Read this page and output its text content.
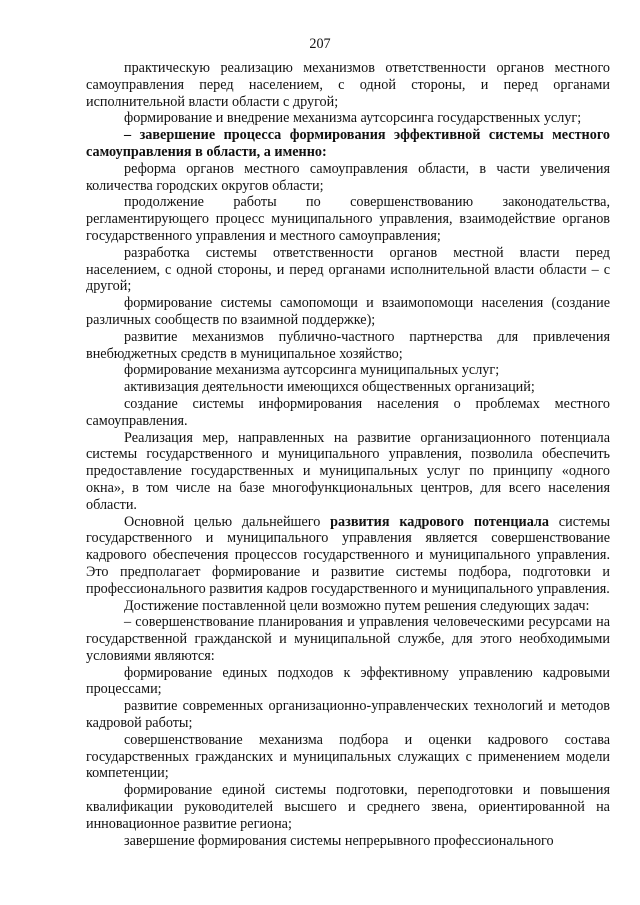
207

практическую реализацию механизмов ответственности органов местного самоуправления перед населением, с одной стороны, и перед органами исполнительной власти области с другой;

формирование и внедрение механизма аутсорсинга государственных услуг;

– завершение процесса формирования эффективной системы местного самоуправления в области, а именно:

реформа органов местного самоуправления области, в части увеличения количества городских округов области;

продолжение работы по совершенствованию законодательства, регламентирующего процесс муниципального управления, взаимодействие органов государственного управления и местного самоуправления;

разработка системы ответственности органов местной власти перед населением, с одной стороны, и перед органами исполнительной власти области – с другой;

формирование системы самопомощи и взаимопомощи населения (создание различных сообществ по взаимной поддержке);

развитие механизмов публично-частного партнерства для привлечения внебюджетных средств в муниципальное хозяйство;

формирование механизма аутсорсинга муниципальных услуг;

активизация деятельности имеющихся общественных организаций;

создание системы информирования населения о проблемах местного самоуправления.

Реализация мер, направленных на развитие организационного потенциала системы государственного и муниципального управления, позволила обеспечить предоставление государственных и муниципальных услуг по принципу «одного окна», в том числе на базе многофункциональных центров, для всего населения области.

Основной целью дальнейшего развития кадрового потенциала системы государственного и муниципального управления является совершенствование кадрового обеспечения процессов государственного и муниципального управления. Это предполагает формирование и развитие системы подбора, подготовки и профессионального развития кадров государственного и муниципального управления.

Достижение поставленной цели возможно путем решения следующих задач:

– совершенствование планирования и управления человеческими ресурсами на государственной гражданской и муниципальной службе, для этого необходимыми условиями являются:

формирование единых подходов к эффективному управлению кадровыми процессами;

развитие современных организационно-управленческих технологий и методов кадровой работы;

совершенствование механизма подбора и оценки кадрового состава государственных гражданских и муниципальных служащих с применением модели компетенции;

формирование единой системы подготовки, переподготовки и повышения квалификации руководителей высшего и среднего звена, ориентированной на инновационное развитие региона;

завершение формирования системы непрерывного профессионального
